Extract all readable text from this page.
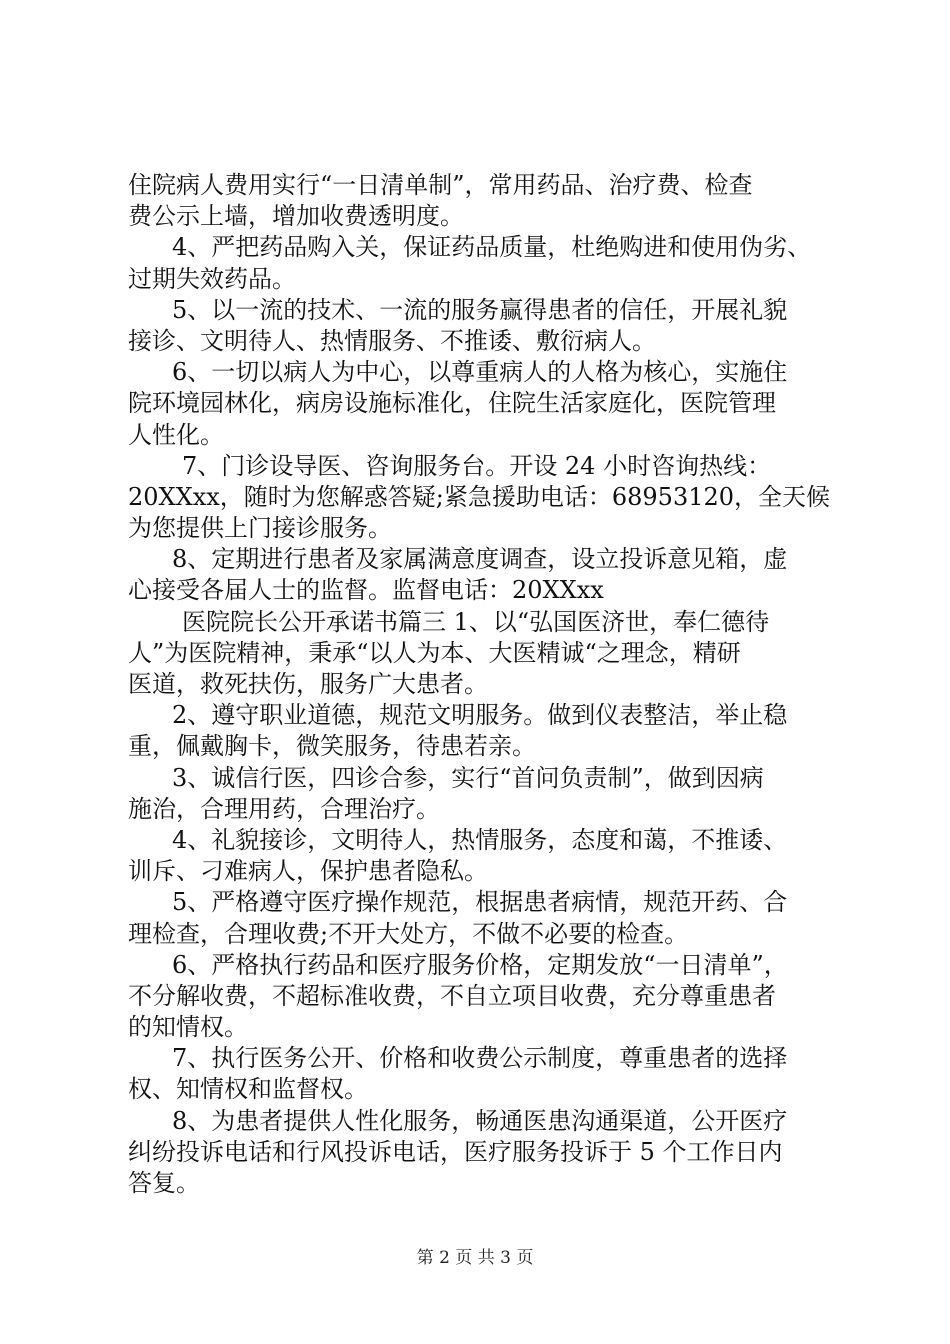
住院病人费用实行“一日清单制”，常用药品、治疗费、检查
费公示上墙，增加收费透明度。
4、严把药品购入关，保证药品质量，杜绝购进和使用伪劣、
过期失效药品。
5、以一流的技术、一流的服务赢得患者的信任，开展礼貌
接诊、文明待人、热情服务、不推诿、敷衍病人。
6、一切以病人为中心，以尊重病人的人格为核心，实施住
院环境园林化，病房设施标准化，住院生活家庭化，医院管理
人性化。
7、门诊设导医、咨询服务台。开设 24 小时咨询热线：
20XXxx，随时为您解惑答疑;紧急援助电话：68953120，全天候
为您提供上门接诊服务。
8、定期进行患者及家属满意度调查，设立投诉意见箱，虚
心接受各届人士的监督。监督电话：20XXxx
医院院长公开承诺书篇三 1、以“弘国医济世，奉仁德待
人”为医院精神，秉承“以人为本、大医精诚“之理念，精研
医道，救死扶伤，服务广大患者。
2、遵守职业道德，规范文明服务。做到仪表整洁，举止稳
重，佩戴胸卡，微笑服务，待患若亲。
3、诚信行医，四诊合参，实行“首问负责制”，做到因病
施治，合理用药，合理治疗。
4、礼貌接诊，文明待人，热情服务，态度和蔼，不推诿、
训斥、刁难病人，保护患者隐私。
5、严格遵守医疗操作规范，根据患者病情，规范开药、合
理检查，合理收费;不开大处方，不做不必要的检查。
6、严格执行药品和医疗服务价格，定期发放“一日清单”，
不分解收费，不超标准收费，不自立项目收费，充分尊重患者
的知情权。
7、执行医务公开、价格和收费公示制度，尊重患者的选择
权、知情权和监督权。
8、为患者提供人性化服务，畅通医患沟通渠道，公开医疗
纠纷投诉电话和行风投诉电话，医疗服务投诉于 5 个工作日内
答复。
第 2 页 共 3 页
